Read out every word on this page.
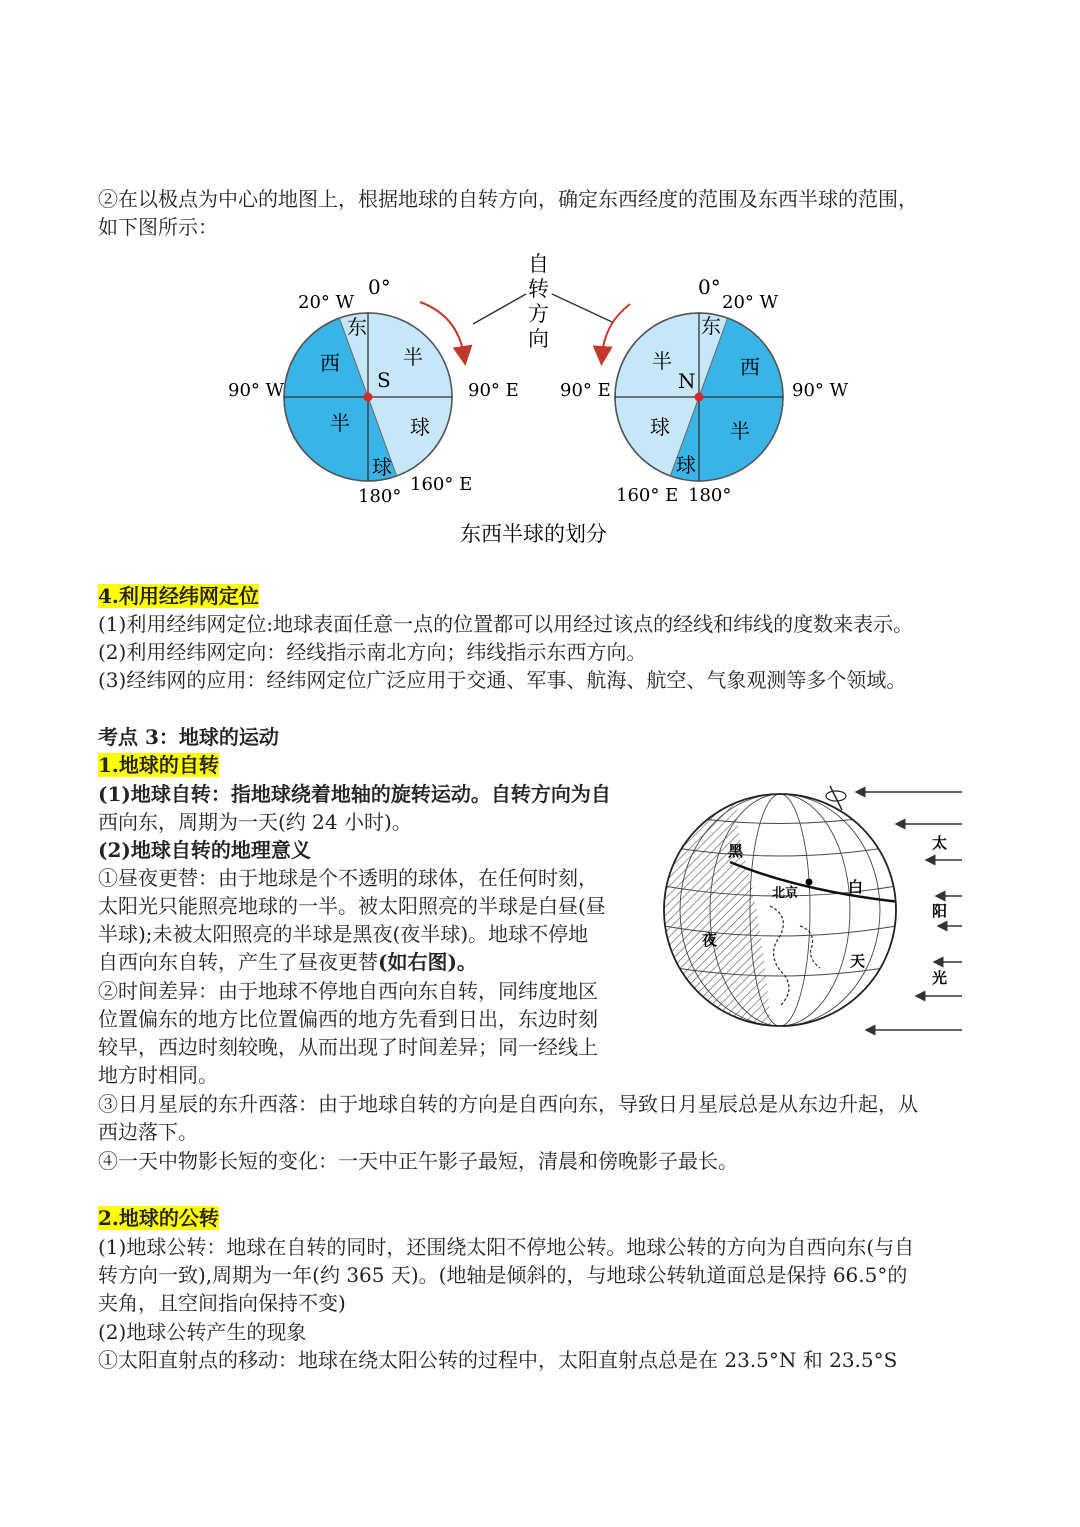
②在以极点为中心的地图上，根据地球的自转方向，确定东西经度的范围及东西半球的范围，
如下图所示：
S
0°
20° W
90° W	90° E
180°
160° E
东
西	半
半	球
球
自
转
方
向
N
0°
20° W
90° E	90° W
160° E 180°
东
西
半
半
球
球
东西半球的划分
4.利用经纬网定位
(1)利用经纬网定位:地球表面任意一点的位置都可以用经过该点的经线和纬线的度数来表示。
(2)利用经纬网定向：经线指示南北方向；纬线指示东西方向。
(3)经纬网的应用：经纬网定位广泛应用于交通、军事、航海、航空、气象观测等多个领域。
考点 3：地球的运动
1.地球的自转
(1)地球自转：指地球绕着地轴的旋转运动。自转方向为自
西向东，周期为一天(约 24 小时)。
(2)地球自转的地理意义
①昼夜更替：由于地球是个不透明的球体，在任何时刻，
太阳光只能照亮地球的一半。被太阳照亮的半球是白昼(昼
半球);未被太阳照亮的半球是黑夜(夜半球)。地球不停地
自西向东自转，产生了昼夜更替(如右图)。
②时间差异：由于地球不停地自西向东自转，同纬度地区
位置偏东的地方比位置偏西的地方先看到日出，东边时刻
较早，西边时刻较晚，从而出现了时间差异；同一经线上
地方时相同。
③日月星辰的东升西落：由于地球自转的方向是自西向东，导致日月星辰总是从东边升起，从
西边落下。
④一天中物影长短的变化：一天中正午影子最短，清晨和傍晚影子最长。
黑
夜
白
天
北京
太
阳
光
2.地球的公转
(1)地球公转：地球在自转的同时，还围绕太阳不停地公转。地球公转的方向为自西向东(与自
转方向一致),周期为一年(约 365 天)。(地轴是倾斜的，与地球公转轨道面总是保持 66.5°的
夹角，且空间指向保持不变)
(2)地球公转产生的现象
①太阳直射点的移动：地球在绕太阳公转的过程中，太阳直射点总是在 23.5°N 和 23.5°S
